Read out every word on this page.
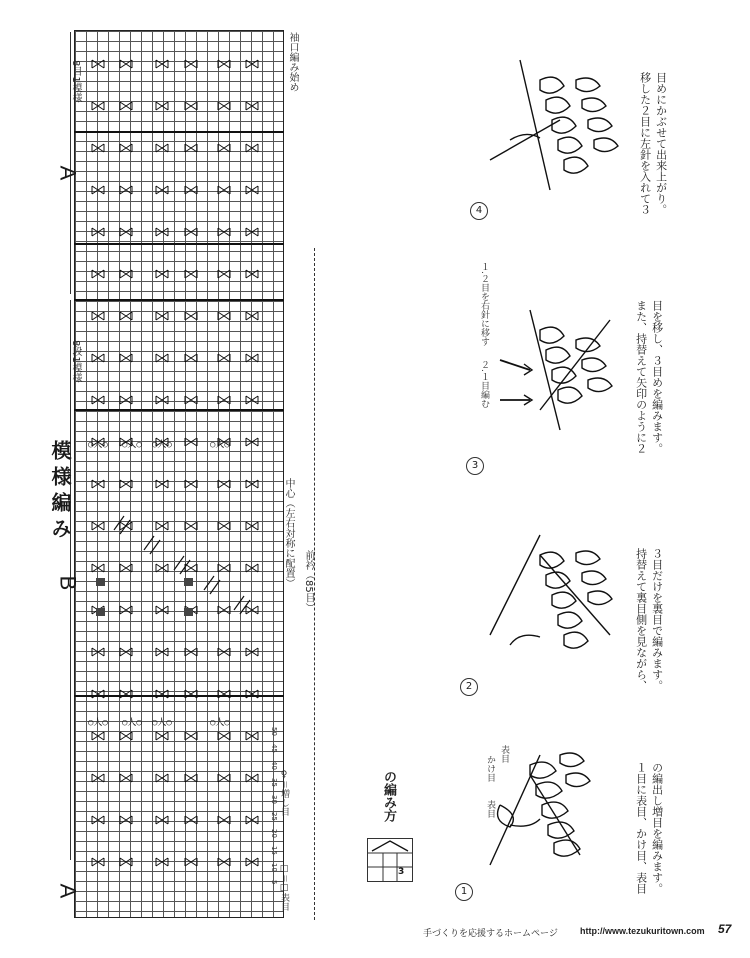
○人○ ○人○ ○人○	○人○
○人○ ○人○ ○人○	○人○
5
10
15
20
25
30
35
40
45
50
A
B
A
8目1模様
8段1模様
模様編み	中心（左右対称に配置） 前衿（85目）
袖口編み始め
♀＝増し目
□＝□表目	3
の編み方
1
2
3
4
表目
かけ目
表目
２.１目編む
１.２目を右針に移す
１目に表目、かけ目、表目 の編出し増目を編みます。
持替えて裏目側を見ながら、 ３目だけを裏目で編みます。
また、持替えて矢印のように２ 目を移し、３目めを編みます。
移した２目に左針を入れて３ 目めにかぶせて出来上がり。
手づくりを応援するホームページ http://www.tezukuritown.com 57
